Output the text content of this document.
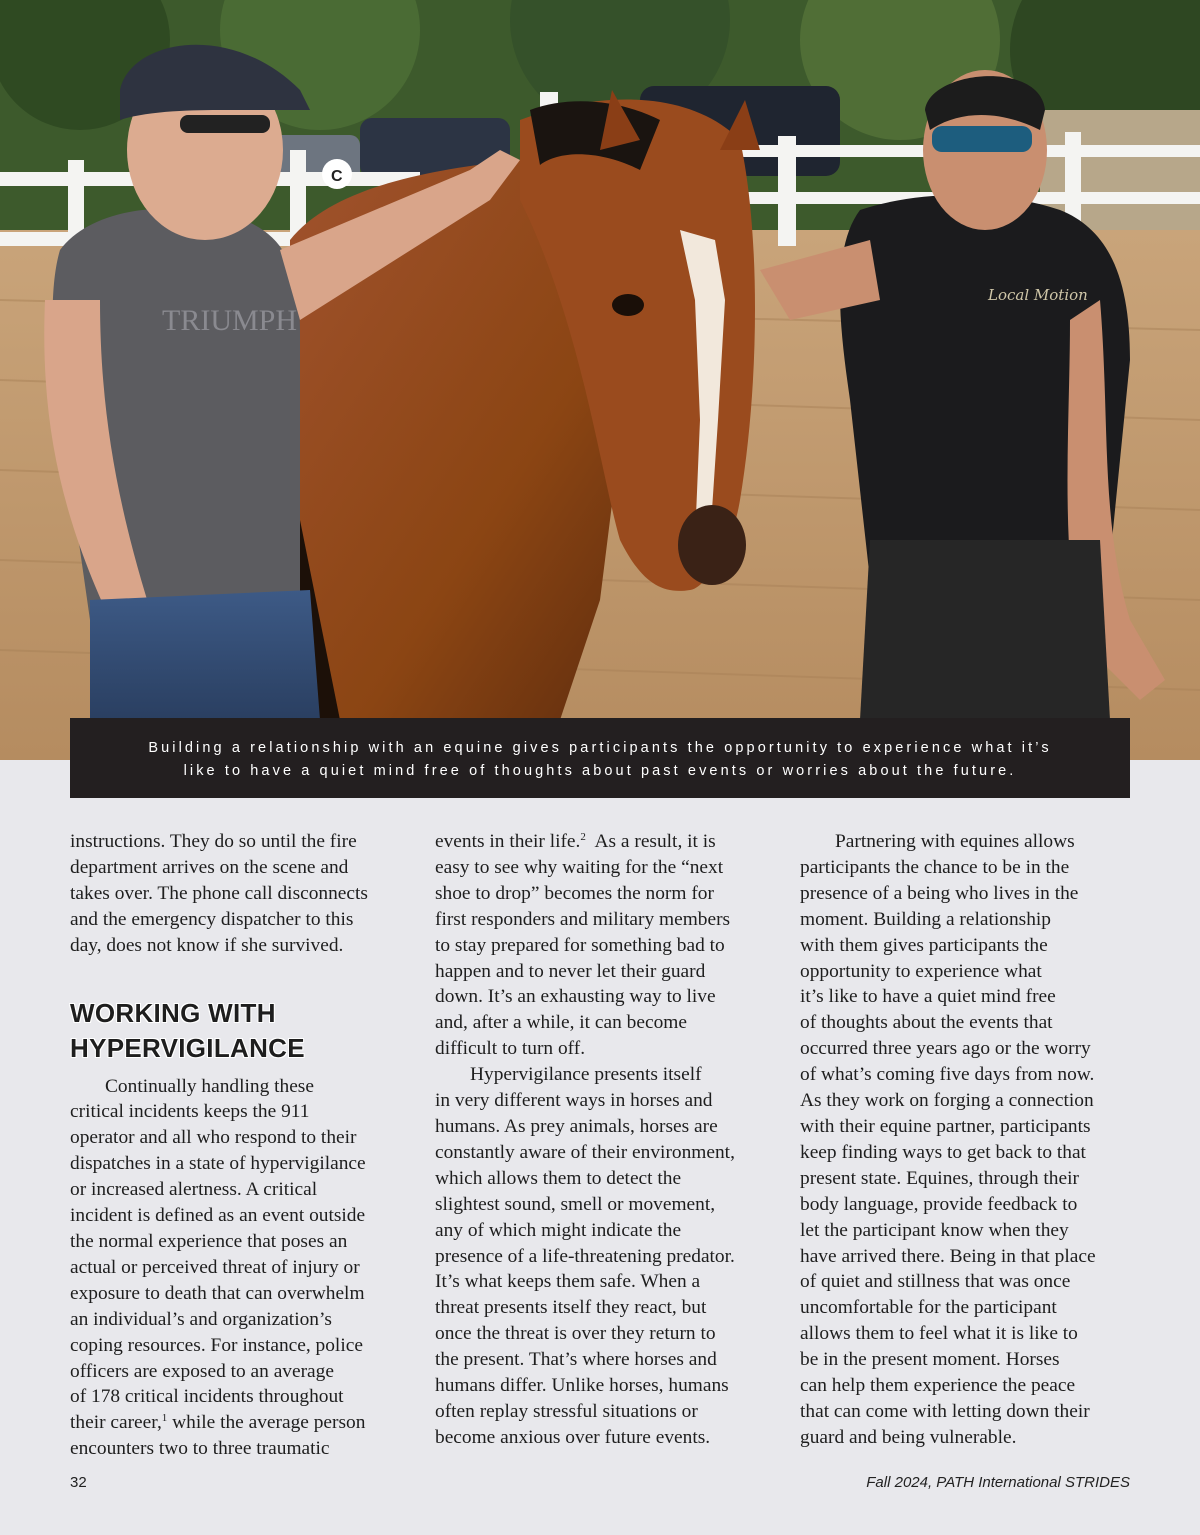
C
TRIUMPH
Local Motion

Building a relationship with an equine gives participants the opportunity to experience what it’s

like to have a quiet mind free of thoughts about past events or worries about the future.

instructions. They do so until the fire

department arrives on the scene and

takes over. The phone call disconnects

and the emergency dispatcher to this

day, does not know if she survived.

WORKING WITH
HYPERVIGILANCE

Continually handling these

critical incidents keeps the 911

operator and all who respond to their

dispatches in a state of hypervigilance

or increased alertness. A critical

incident is defined as an event outside

the normal experience that poses an

actual or perceived threat of injury or

exposure to death that can overwhelm

an individual’s and organization’s

coping resources. For instance, police

officers are exposed to an average

of 178 critical incidents throughout

their career,$^1$ while the average person

encounters two to three traumatic

events in their life.$^2$  As a result, it is

easy to see why waiting for the “next

shoe to drop” becomes the norm for

first responders and military members

to stay prepared for something bad to

happen and to never let their guard

down. It’s an exhausting way to live

and, after a while, it can become

difficult to turn off.

Hypervigilance presents itself

in very different ways in horses and

humans. As prey animals, horses are

constantly aware of their environment,

which allows them to detect the

slightest sound, smell or movement,

any of which might indicate the

presence of a life-threatening predator.

It’s what keeps them safe. When a

threat presents itself they react, but

once the threat is over they return to

the present. That’s where horses and

humans differ. Unlike horses, humans

often replay stressful situations or

become anxious over future events.

Partnering with equines allows

participants the chance to be in the

presence of a being who lives in the

moment. Building a relationship

with them gives participants the

opportunity to experience what

it’s like to have a quiet mind free

of thoughts about the events that

occurred three years ago or the worry

of what’s coming five days from now.

As they work on forging a connection

with their equine partner, participants

keep finding ways to get back to that

present state. Equines, through their

body language, provide feedback to

let the participant know when they

have arrived there. Being in that place

of quiet and stillness that was once

uncomfortable for the participant

allows them to feel what it is like to

be in the present moment. Horses

can help them experience the peace

that can come with letting down their

guard and being vulnerable.

32	Fall 2024, PATH International STRIDES
